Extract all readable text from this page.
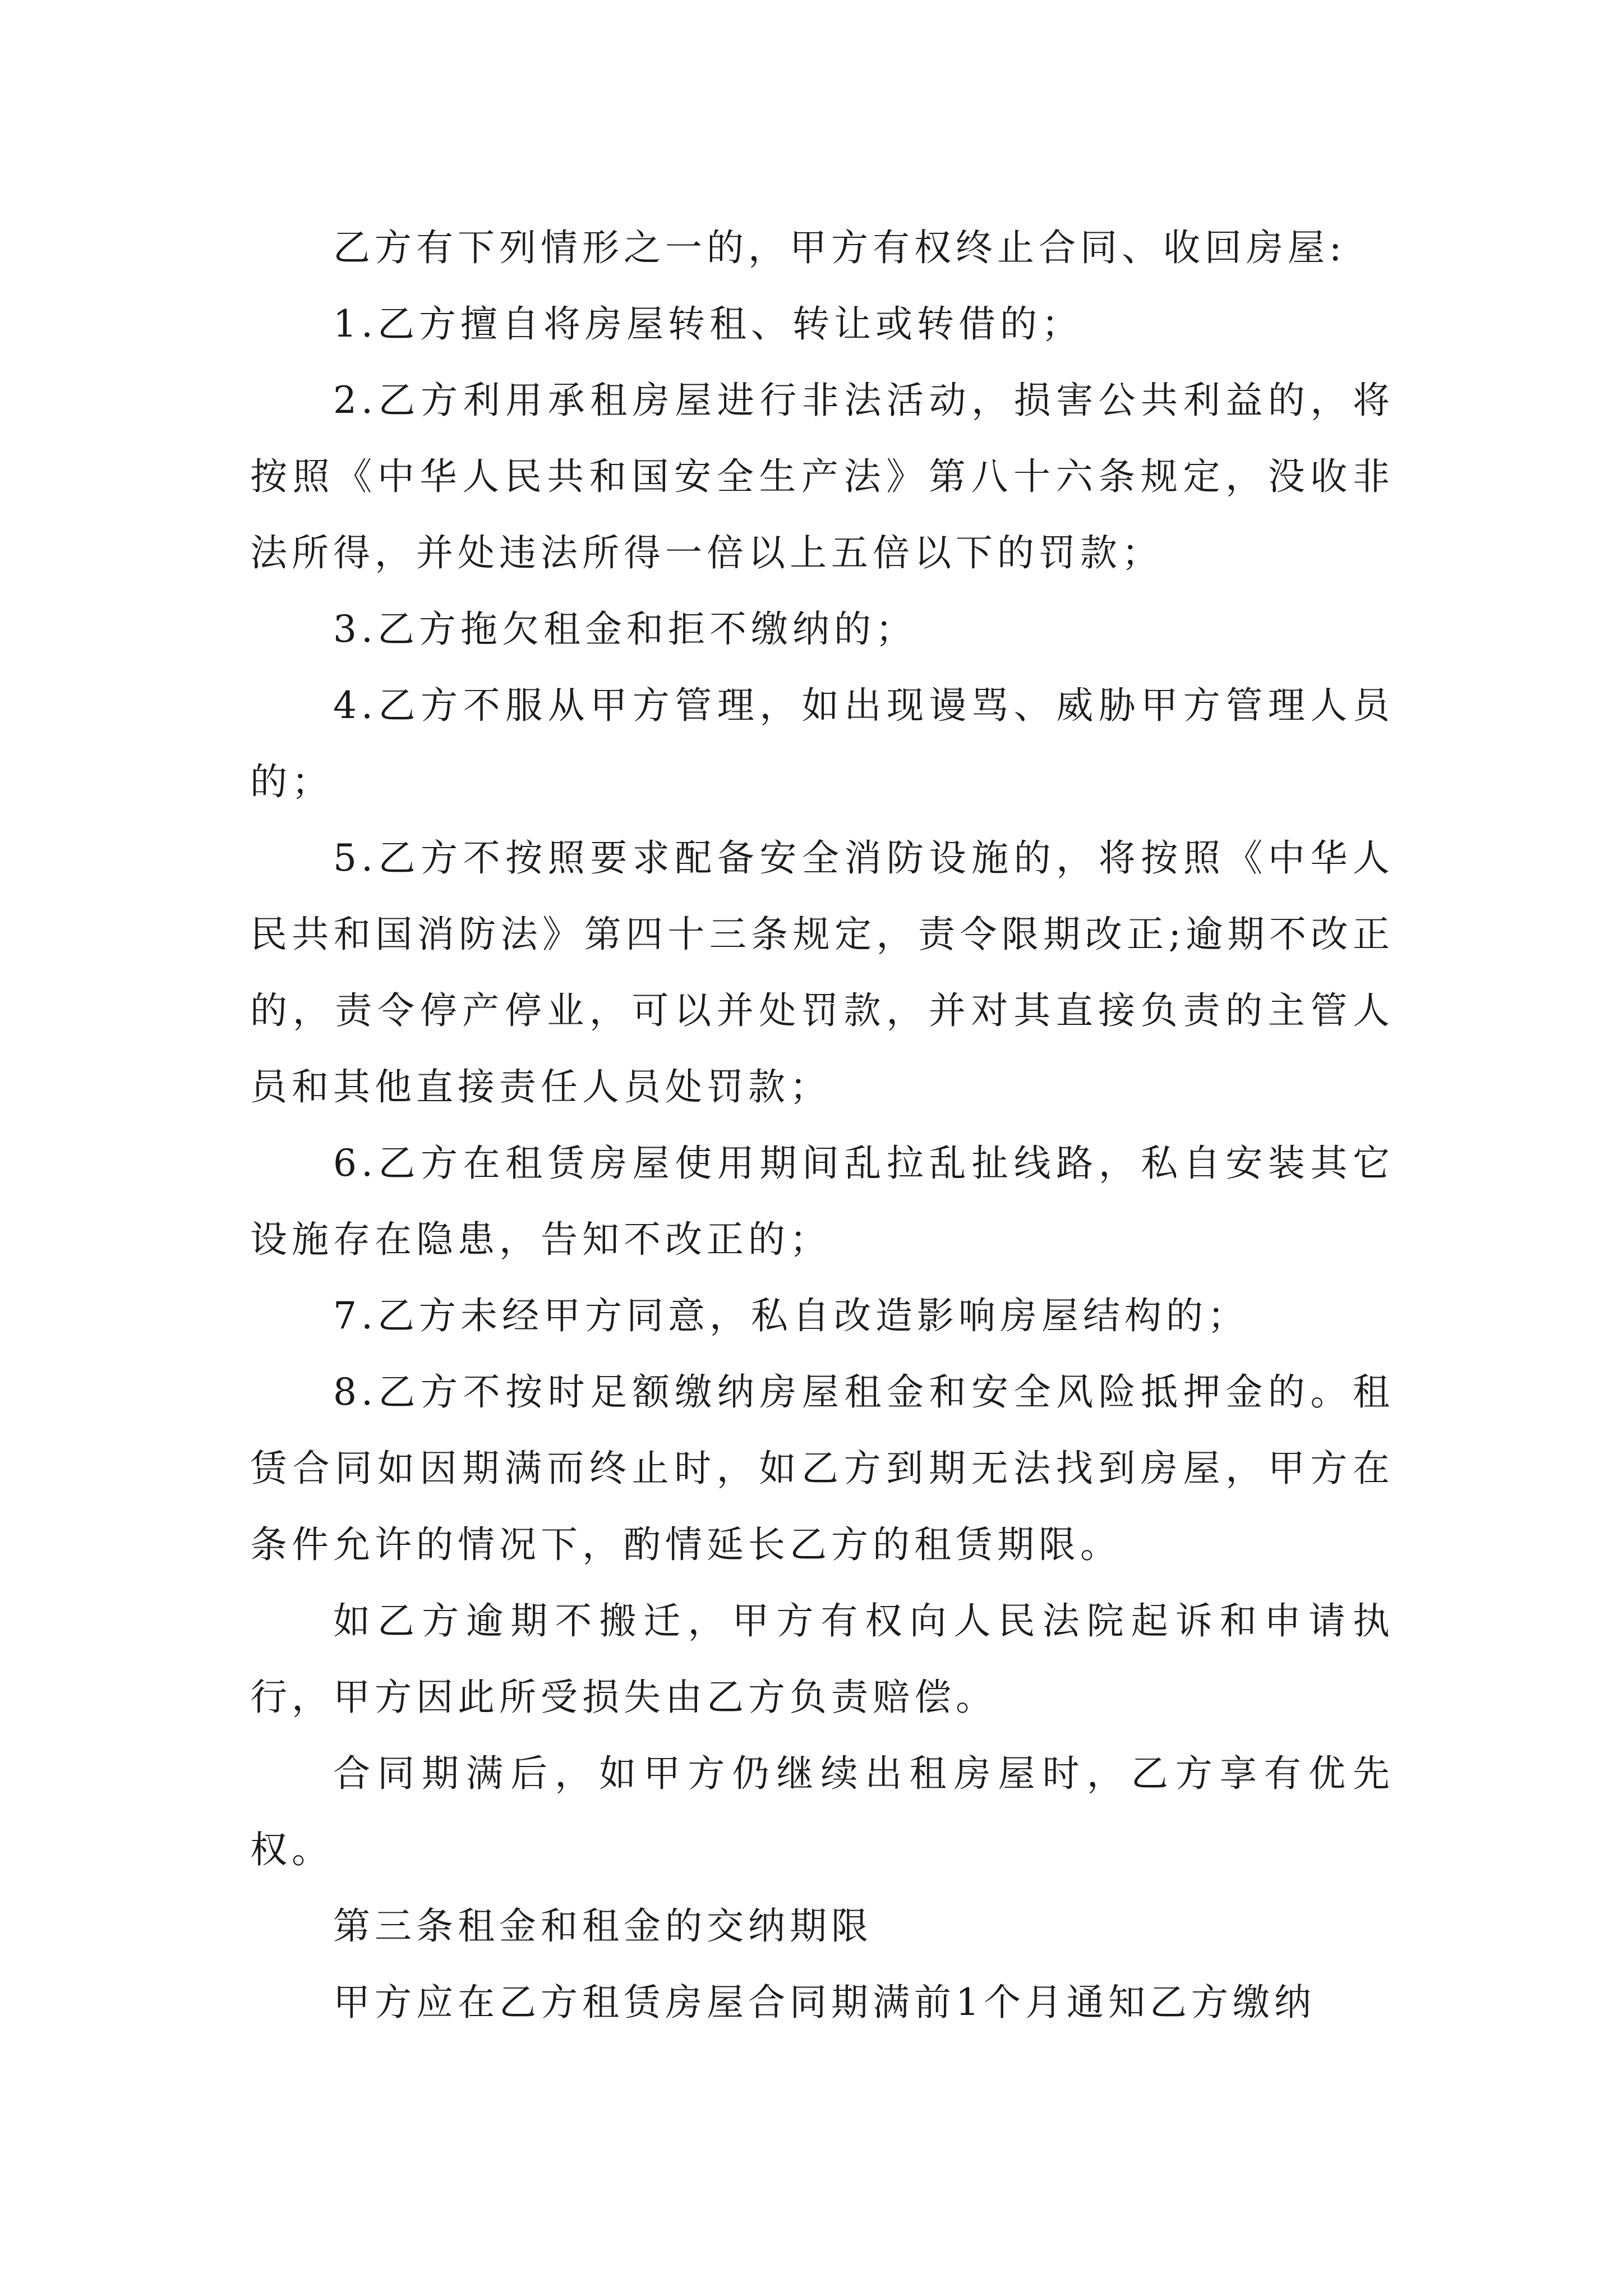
乙方有下列情形之一的，甲方有权终止合同、收回房屋:

1.乙方擅自将房屋转租、转让或转借的；

2.乙方利用承租房屋进行非法活动，损害公共利益的，将按照《中华人民共和国安全生产法》第八十六条规定，没收非法所得，并处违法所得一倍以上五倍以下的罚款；

3.乙方拖欠租金和拒不缴纳的；

4.乙方不服从甲方管理，如出现谩骂、威胁甲方管理人员的；

5.乙方不按照要求配备安全消防设施的，将按照《中华人民共和国消防法》第四十三条规定，责令限期改正;逾期不改正的，责令停产停业，可以并处罚款，并对其直接负责的主管人员和其他直接责任人员处罚款；

6.乙方在租赁房屋使用期间乱拉乱扯线路，私自安装其它设施存在隐患，告知不改正的；

7.乙方未经甲方同意，私自改造影响房屋结构的；

8.乙方不按时足额缴纳房屋租金和安全风险抵押金的。租赁合同如因期满而终止时，如乙方到期无法找到房屋，甲方在条件允许的情况下，酌情延长乙方的租赁期限。

如乙方逾期不搬迁，甲方有权向人民法院起诉和申请执行，甲方因此所受损失由乙方负责赔偿。

合同期满后，如甲方仍继续出租房屋时，乙方享有优先权。

第三条租金和租金的交纳期限

甲方应在乙方租赁房屋合同期满前1个月通知乙方缴纳
